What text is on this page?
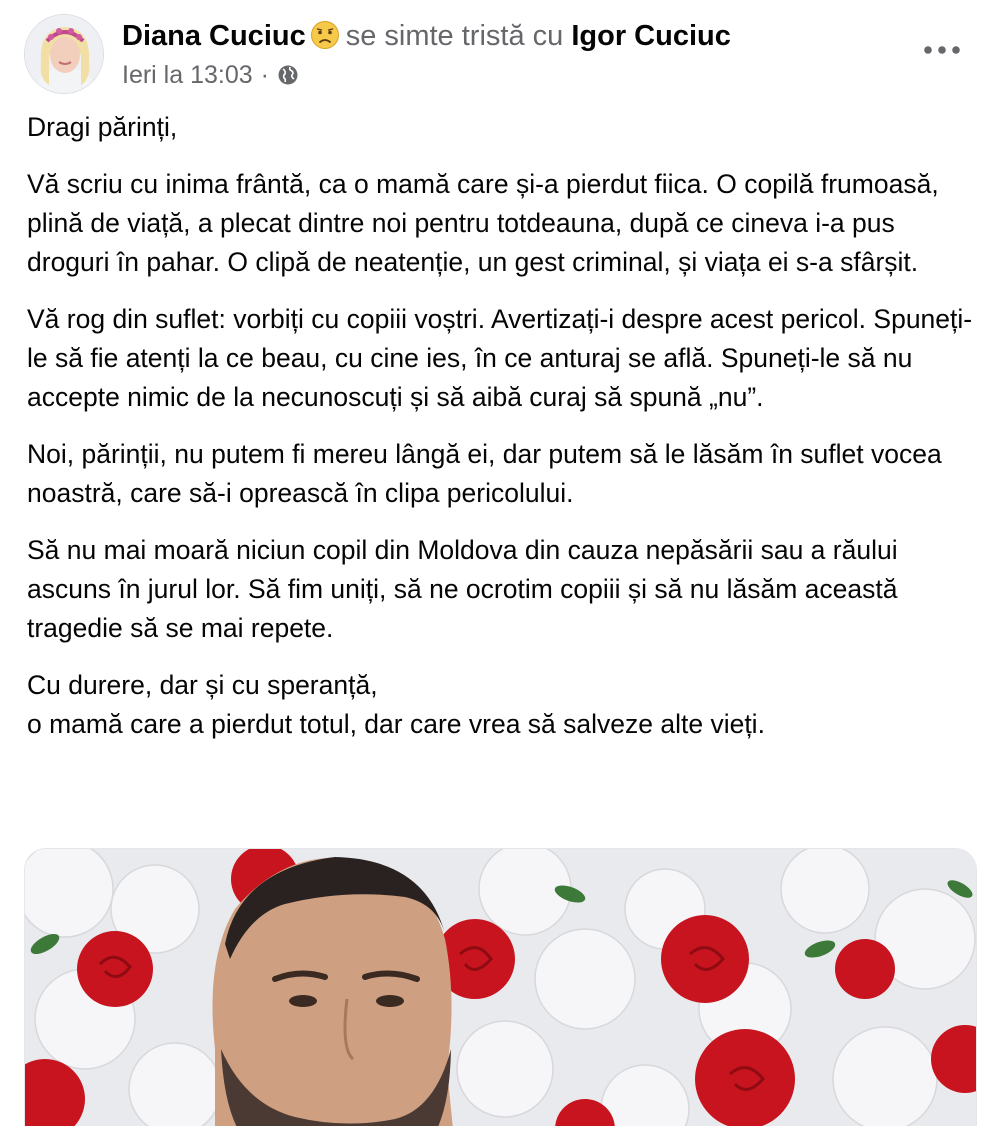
Diana Cuciuc se simte tristă cu Igor Cuciuc
Ieri la 13:03 ·

Dragi părinți,

Vă scriu cu inima frântă, ca o mamă care și-a pierdut fiica. O copilă frumoasă, plină de viață, a plecat dintre noi pentru totdeauna, după ce cineva i-a pus droguri în pahar. O clipă de neatenție, un gest criminal, și viața ei s-a sfârșit.

Vă rog din suflet: vorbiți cu copiii voștri. Avertizați-i despre acest pericol. Spuneți-le să fie atenți la ce beau, cu cine ies, în ce anturaj se află. Spuneți-le să nu accepte nimic de la necunoscuți și să aibă curaj să spună „nu”.

Noi, părinții, nu putem fi mereu lângă ei, dar putem să le lăsăm în suflet vocea noastră, care să-i oprească în clipa pericolului.

Să nu mai moară niciun copil din Moldova din cauza nepăsării sau a răului ascuns în jurul lor. Să fim uniți, să ne ocrotim copiii și să nu lăsăm această tragedie să se mai repete.

Cu durere, dar și cu speranță,
o mamă care a pierdut totul, dar care vrea să salveze alte vieți.
